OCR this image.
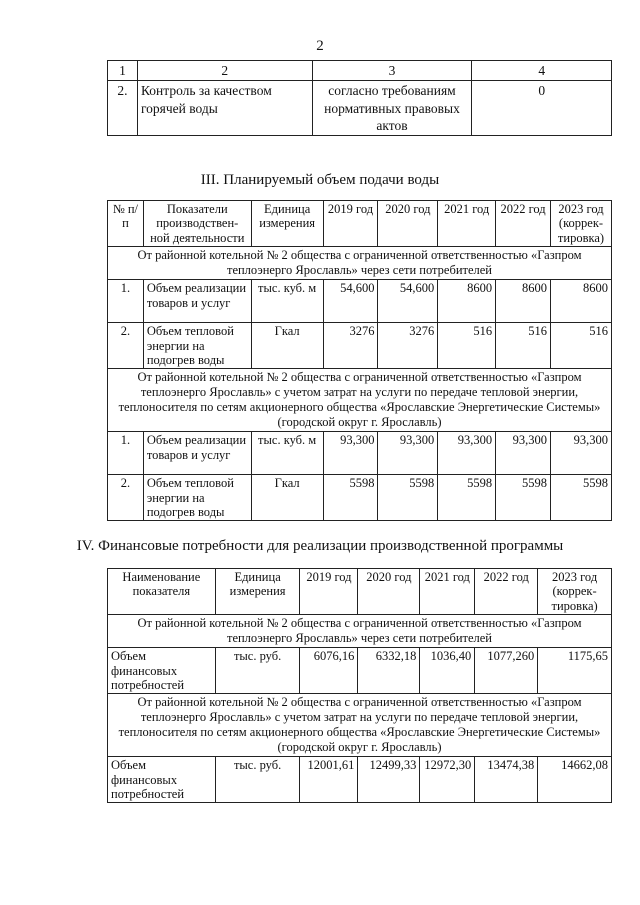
2
1	2	3	4
2.	Контроль за качеством горячей воды	согласно требованиям нормативных правовых актов	0
III. Планируемый объем подачи воды
№ п/п	Показатели производствен-ной деятельности	Единица измерения	2019 год	2020 год	2021 год	2022 год	2023 год (коррек-тировка)
От районной котельной № 2 общества с ограниченной ответственностью «Газпром теплоэнерго Ярославль» через сети потребителей							
1.	Объем реализации товаров и услуг	тыс. куб. м	54,600	54,600	8600	8600	8600
2.	Объем тепловой энергии на подогрев воды	Гкал	3276	3276	516	516	516
От районной котельной № 2 общества с ограниченной ответственностью «Газпром теплоэнерго Ярославль» с учетом затрат на услуги по передаче тепловой энергии, теплоносителя по сетям акционерного общества «Ярославские Энергетические Системы» (городской округ г. Ярославль)							
1.	Объем реализации товаров и услуг	тыс. куб. м	93,300	93,300	93,300	93,300	93,300
2.	Объем тепловой энергии на подогрев воды	Гкал	5598	5598	5598	5598	5598
IV. Финансовые потребности для реализации производственной программы
Наименование показателя	Единица измерения	2019 год	2020 год	2021 год	2022 год	2023 год (коррек-тировка)
От районной котельной № 2 общества с ограниченной ответственностью «Газпром теплоэнерго Ярославль» через сети потребителей						
Объем финансовых потребностей	тыс. руб.	6076,16	6332,18	1036,40	1077,260	1175,65
От районной котельной № 2 общества с ограниченной ответственностью «Газпром теплоэнерго Ярославль» с учетом затрат на услуги по передаче тепловой энергии, теплоносителя по сетям акционерного общества «Ярославские Энергетические Системы» (городской округ г. Ярославль)						
Объем финансовых потребностей	тыс. руб.	12001,61	12499,33	12972,30	13474,38	14662,08
